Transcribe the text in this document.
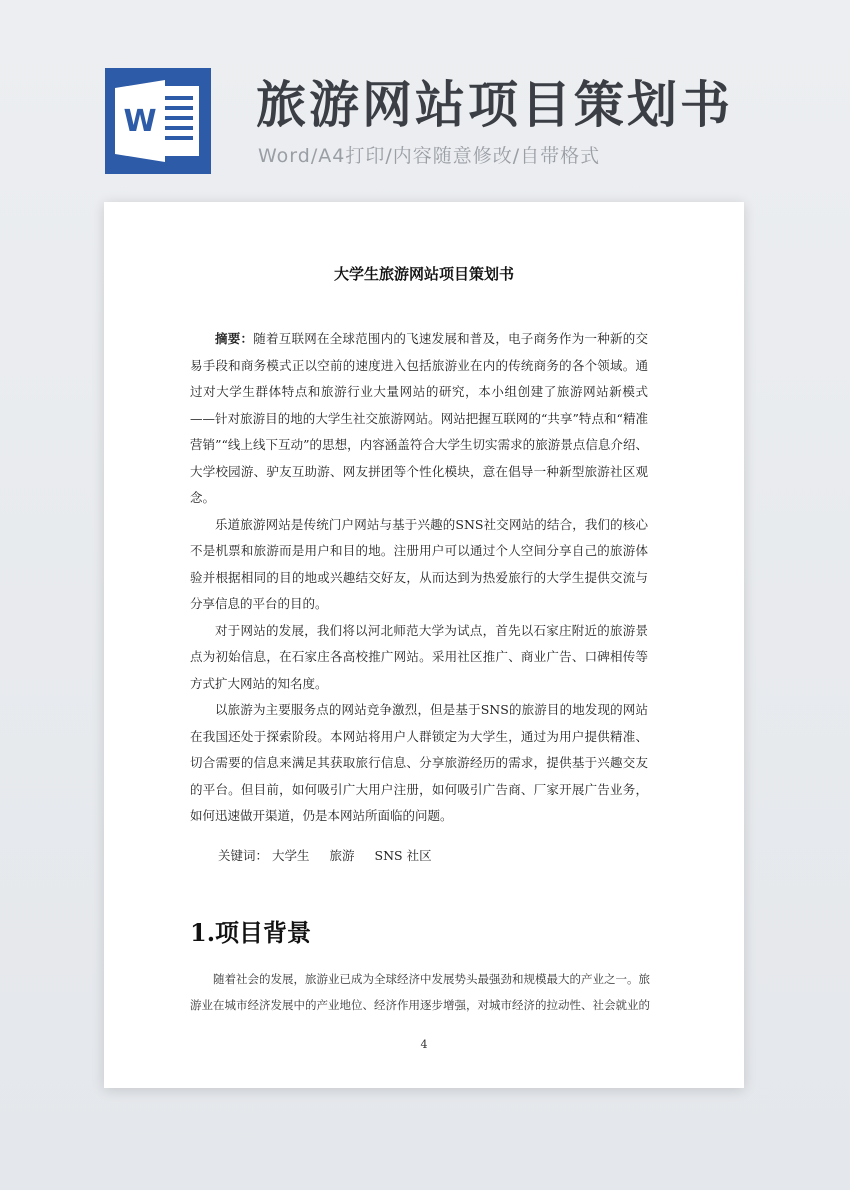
W 旅游网站项目策划书
Word/A4打印/内容随意修改/自带格式
大学生旅游网站项目策划书

摘要：随着互联网在全球范围内的飞速发展和普及，电子商务作为一种新的交易手段和商务模式正以空前的速度进入包括旅游业在内的传统商务的各个领域。通过对大学生群体特点和旅游行业大量网站的研究，本小组创建了旅游网站新模式——针对旅游目的地的大学生社交旅游网站。网站把握互联网的“共享”特点和“精准营销”“线上线下互动”的思想，内容涵盖符合大学生切实需求的旅游景点信息介绍、大学校园游、驴友互助游、网友拼团等个性化模块，意在倡导一种新型旅游社区观念。

乐道旅游网站是传统门户网站与基于兴趣的SNS社交网站的结合，我们的核心不是机票和旅游而是用户和目的地。注册用户可以通过个人空间分享自己的旅游体验并根据相同的目的地或兴趣结交好友，从而达到为热爱旅行的大学生提供交流与分享信息的平台的目的。

对于网站的发展，我们将以河北师范大学为试点，首先以石家庄附近的旅游景点为初始信息，在石家庄各高校推广网站。采用社区推广、商业广告、口碑相传等方式扩大网站的知名度。

以旅游为主要服务点的网站竞争激烈，但是基于SNS的旅游目的地发现的网站在我国还处于探索阶段。本网站将用户人群锁定为大学生，通过为用户提供精准、切合需要的信息来满足其获取旅行信息、分享旅游经历的需求，提供基于兴趣交友的平台。但目前，如何吸引广大用户注册，如何吸引广告商、厂家开展广告业务，如何迅速做开渠道，仍是本网站所面临的问题。

关键词： 大学生 旅游 SNS 社区
1.项目背景

随着社会的发展，旅游业已成为全球经济中发展势头最强劲和规模最大的产业之一。旅游业在城市经济发展中的产业地位、经济作用逐步增强，对城市经济的拉动性、社会就业的

4
